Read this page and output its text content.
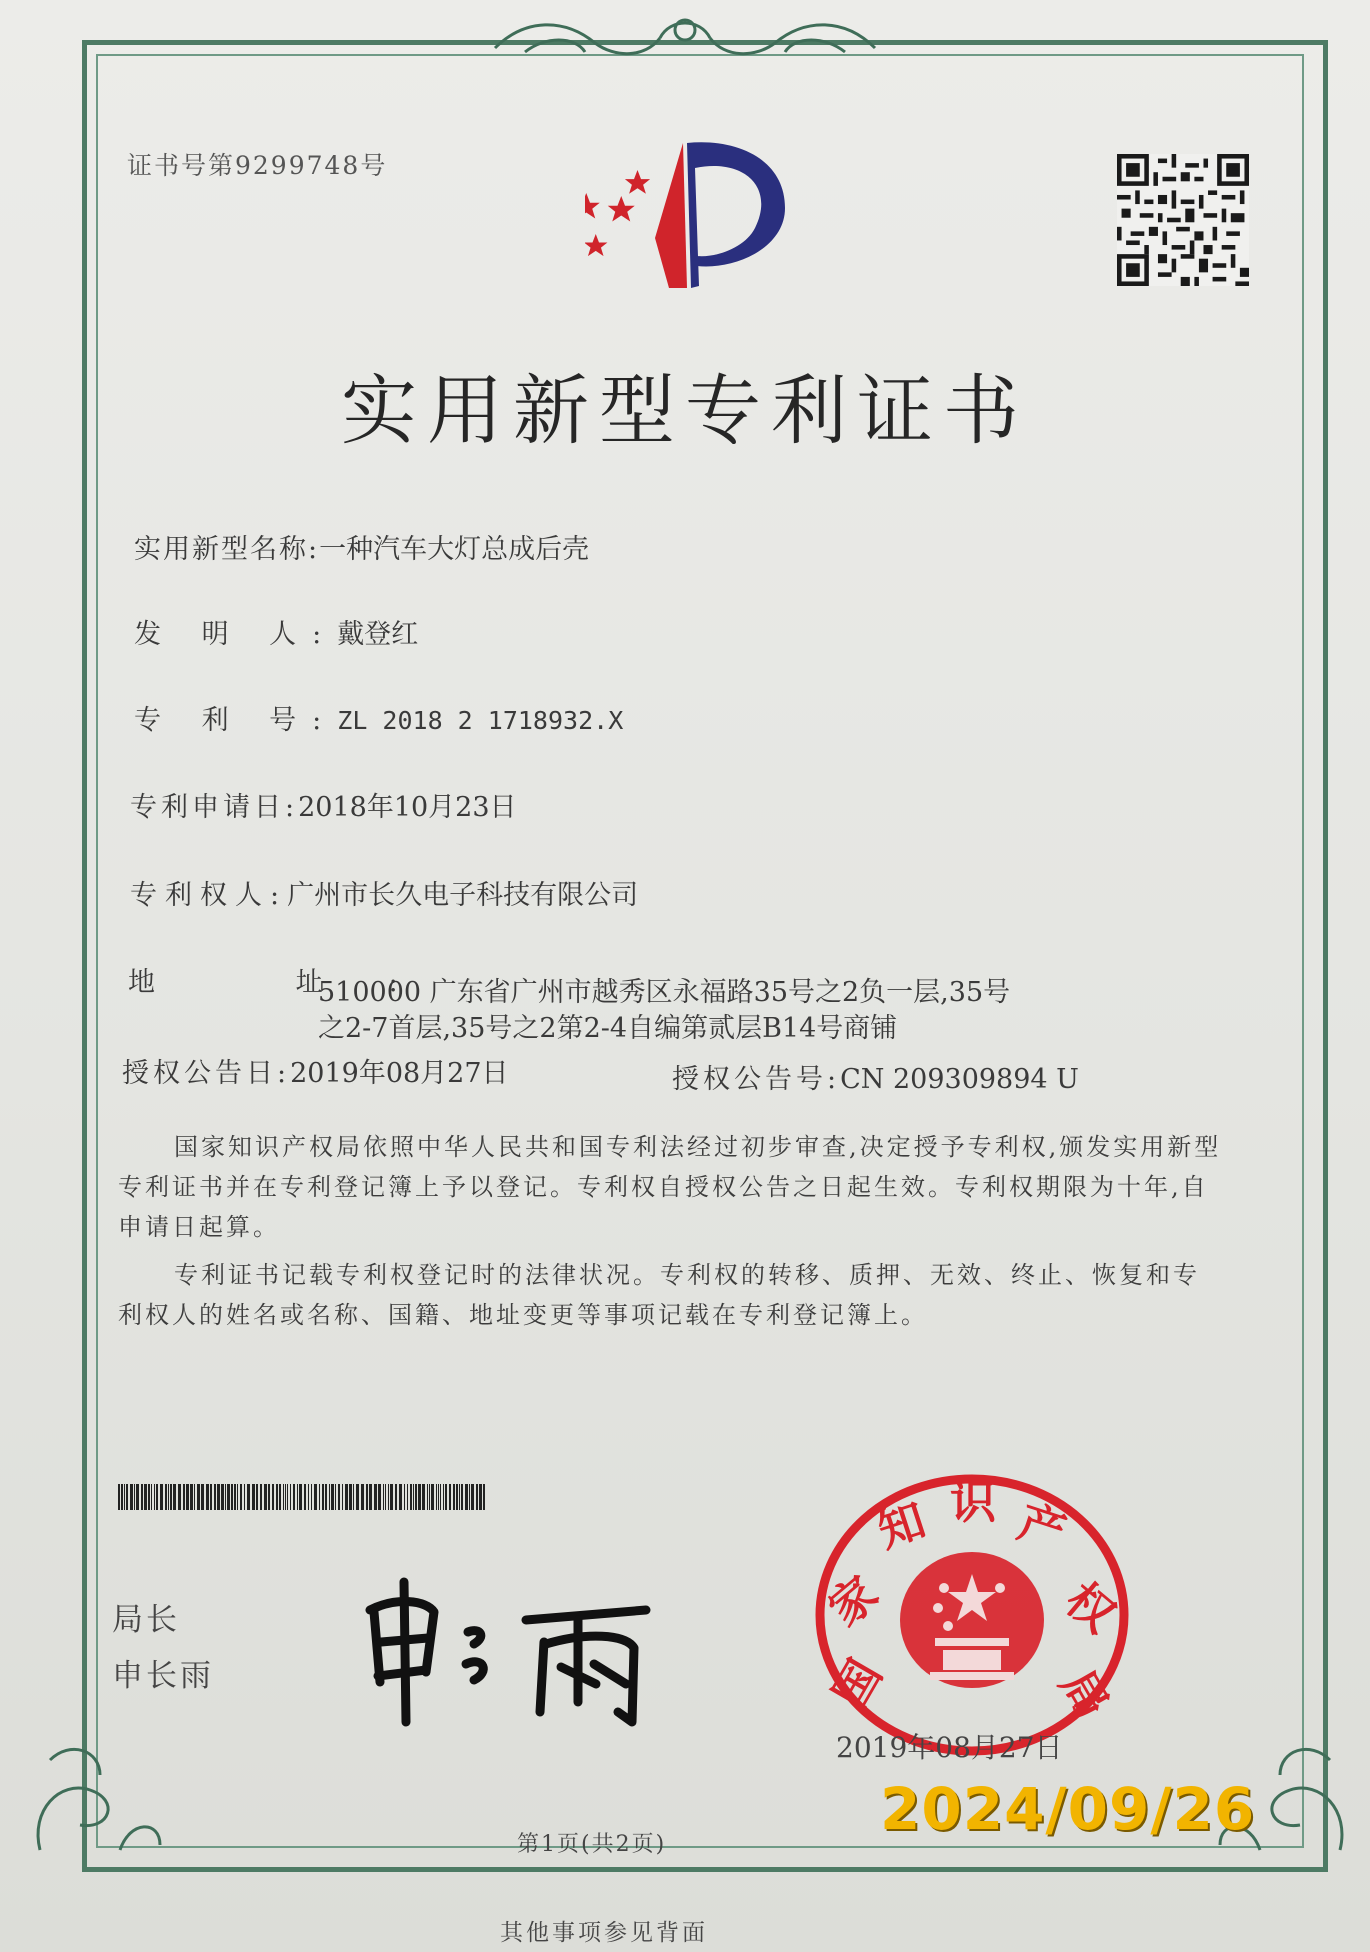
证书号第9299748号
实用新型专利证书
实用新型名称:一种汽车大灯总成后壳
发 明 人:戴登红
专 利 号:ZL 2018 2 1718932.X
专利申请日:2018年10月23日
专利权人:广州市长久电子科技有限公司
地 址:
510000 广东省广州市越秀区永福路35号之2负一层,35号
之2-7首层,35号之2第2-4自编第贰层B14号商铺
授权公告日:2019年08月27日	授权公告号:CN 209309894 U
国家知识产权局依照中华人民共和国专利法经过初步审查,决定授予专利权,颁发实用新型专利证书并在专利登记簿上予以登记。专利权自授权公告之日起生效。专利权期限为十年,自申请日起算。
专利证书记载专利权登记时的法律状况。专利权的转移、质押、无效、终止、恢复和专利权人的姓名或名称、国籍、地址变更等事项记载在专利登记簿上。
局长
申长雨	国
家
知 识 产
权
局
2019年08月27日
2024/09/26
第1页(共2页)
其他事项参见背面
